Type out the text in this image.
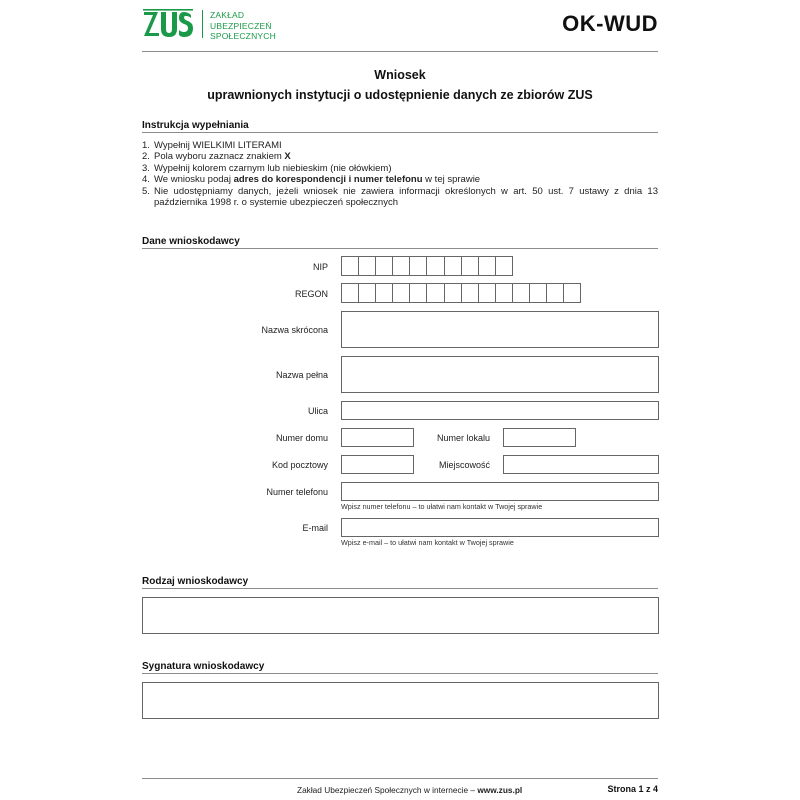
ZAKŁAD
UBEZPIECZEŃ
SPOŁECZNYCH	OK-WUD
Wniosek
uprawnionych instytucji o udostępnienie danych ze zbiorów ZUS
Instrukcja wypełniania
1. Wypełnij WIELKIMI LITERAMI
2. Pola wyboru zaznacz znakiem X
3. Wypełnij kolorem czarnym lub niebieskim (nie ołówkiem)
4. We wniosku podaj adres do korespondencji i numer telefonu w tej sprawie
5. Nie udostępniamy danych, jeżeli wniosek nie zawiera informacji określonych w art. 50 ust. 7 ustawy z dnia 13 października 1998 r. o systemie ubezpieczeń społecznych
Dane wnioskodawcy
NIP
REGON
Nazwa skrócona
Nazwa pełna
Ulica
Numer domu	Numer lokalu
Kod pocztowy	Miejscowość
Numer telefonu
Wpisz numer telefonu – to ułatwi nam kontakt w Twojej sprawie
E-mail
Wpisz e-mail – to ułatwi nam kontakt w Twojej sprawie
Rodzaj wnioskodawcy
Sygnatura wnioskodawcy
Zakład Ubezpieczeń Społecznych w internecie – www.zus.pl	Strona 1 z 4
